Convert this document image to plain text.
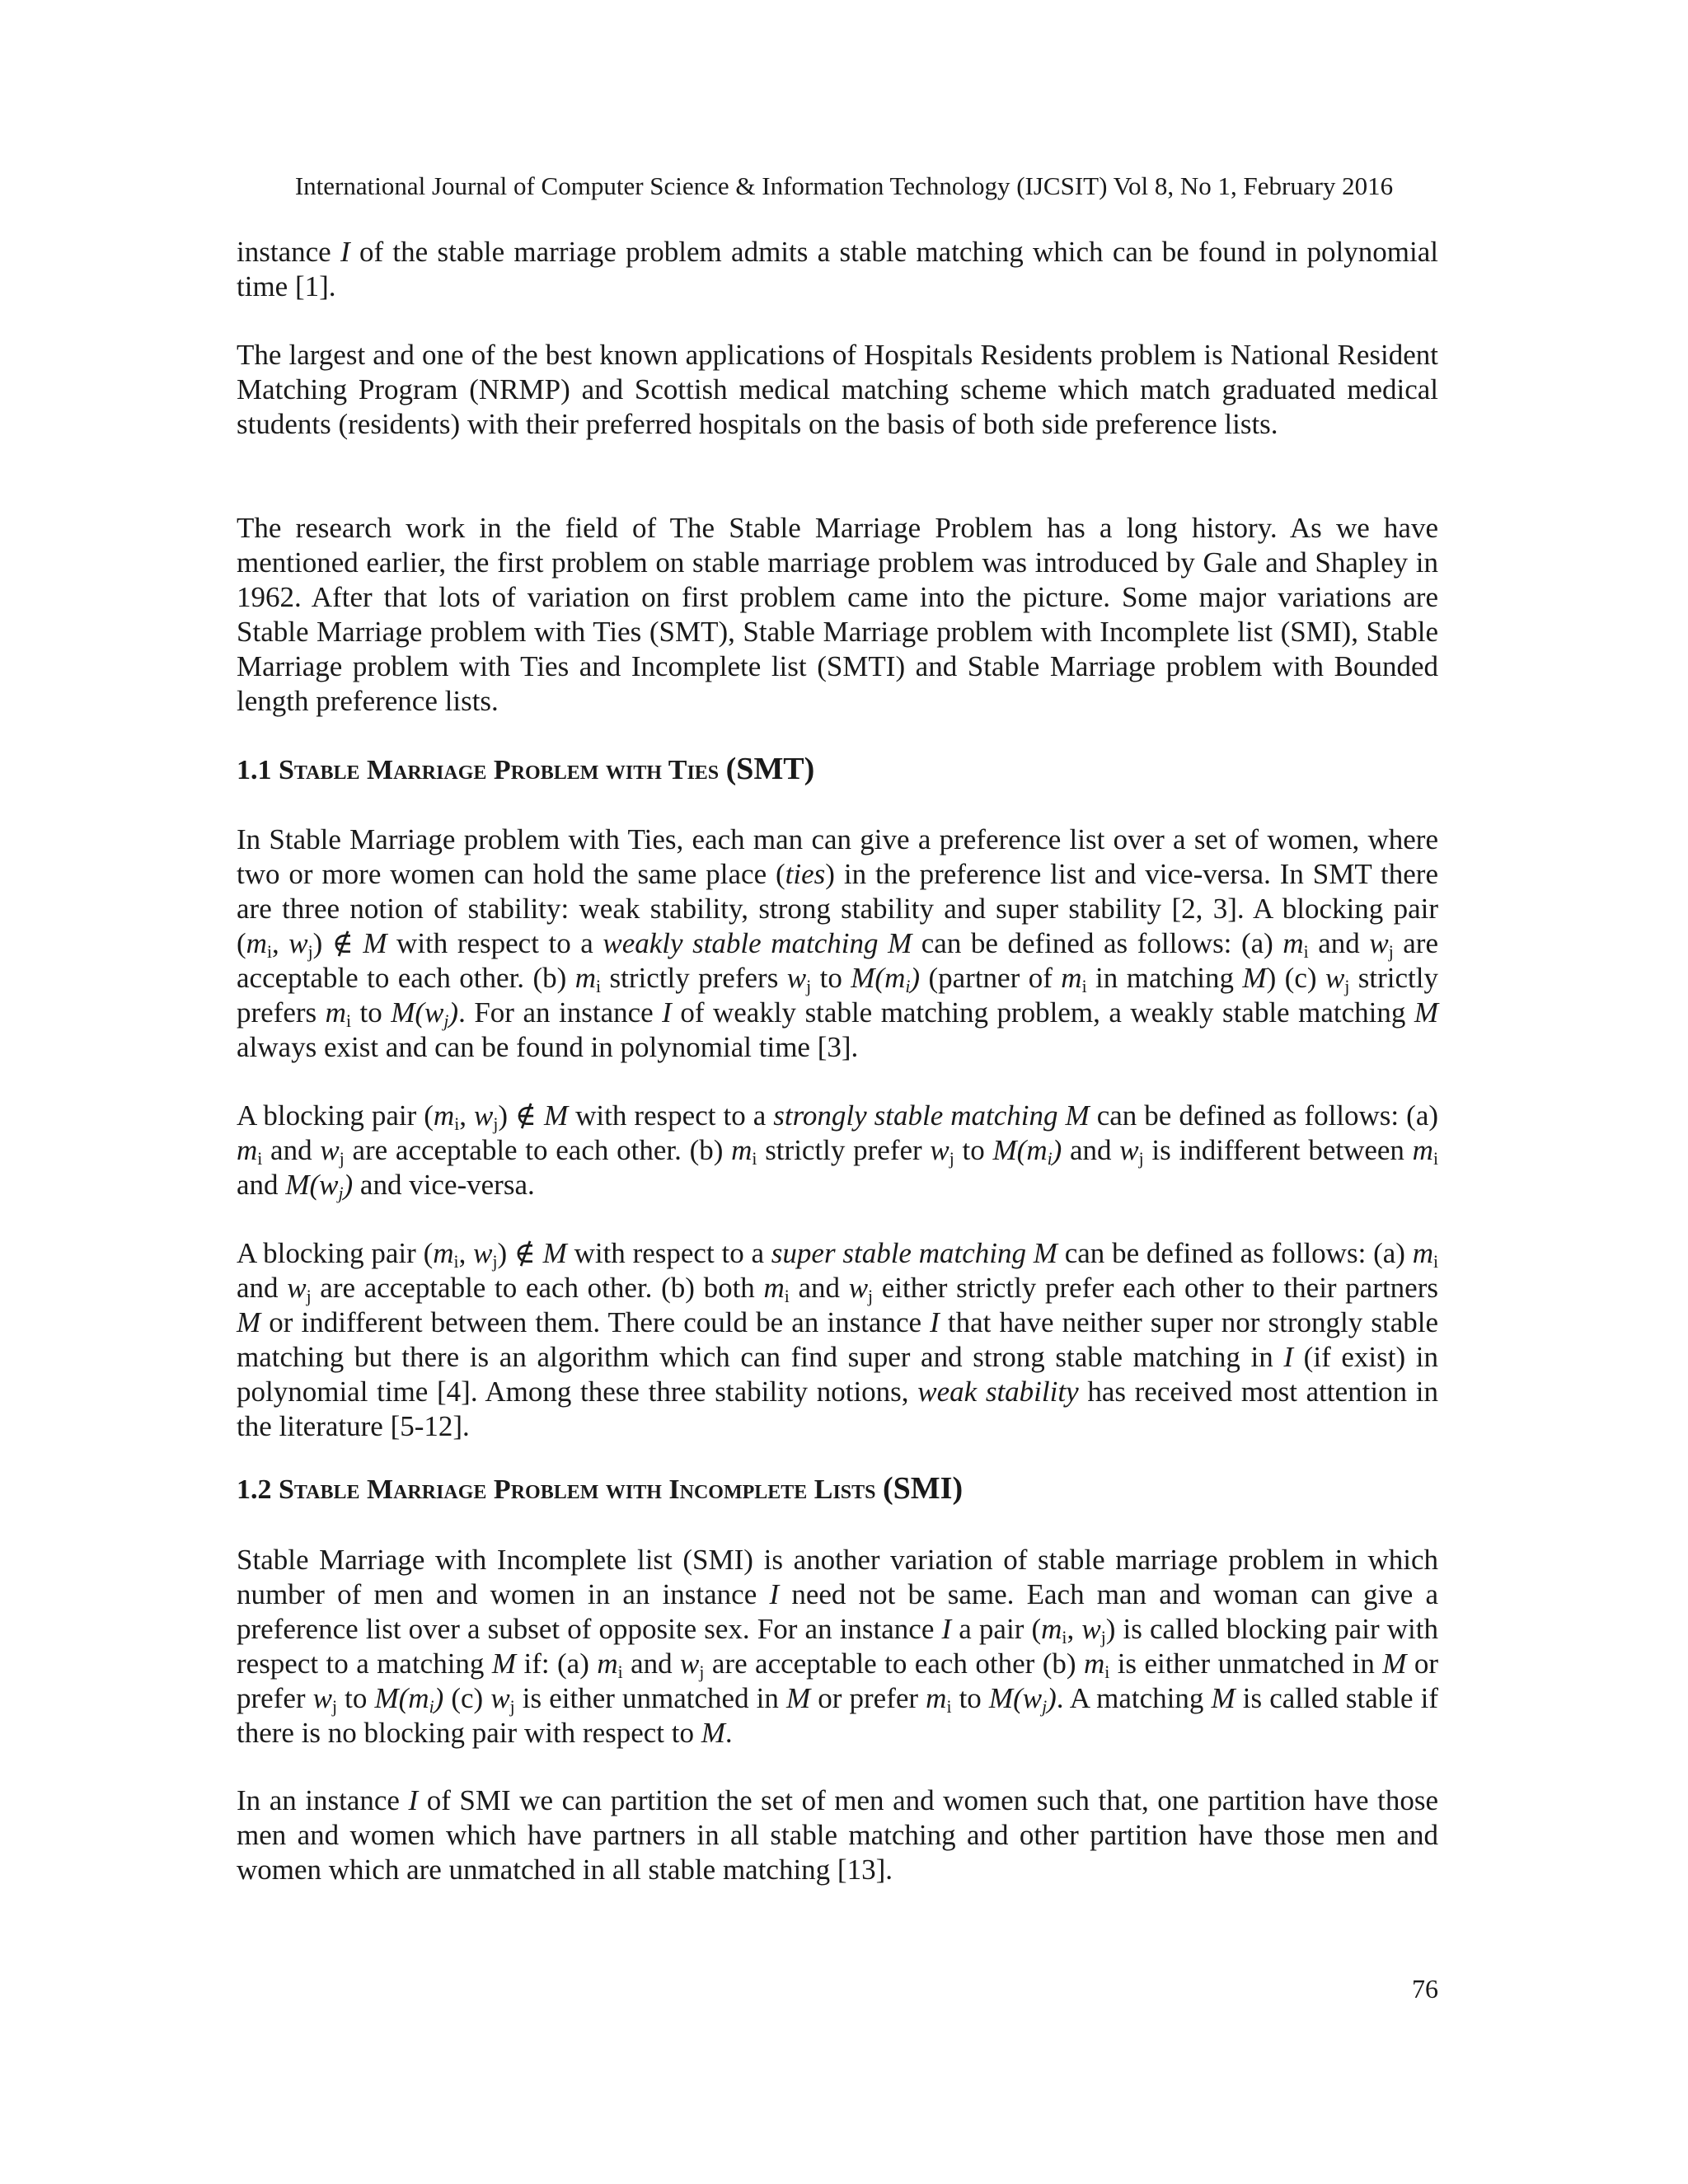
International Journal of Computer Science & Information Technology (IJCSIT) Vol 8, No 1, February 2016

instance I of the stable marriage problem admits a stable matching which can be found in polynomial time [1].

The largest and one of the best known applications of Hospitals Residents problem is National Resident Matching Program (NRMP) and Scottish medical matching scheme which match graduated medical students (residents) with their preferred hospitals on the basis of both side preference lists.

The research work in the field of The Stable Marriage Problem has a long history. As we have mentioned earlier, the first problem on stable marriage problem was introduced by Gale and Shapley in 1962. After that lots of variation on first problem came into the picture. Some major variations are Stable Marriage problem with Ties (SMT), Stable Marriage problem with Incomplete list (SMI), Stable Marriage problem with Ties and Incomplete list (SMTI) and Stable Marriage problem with Bounded length preference lists.

1.1 Stable Marriage Problem with Ties (SMT)

In Stable Marriage problem with Ties, each man can give a preference list over a set of women, where two or more women can hold the same place (ties) in the preference list and vice-versa. In SMT there are three notion of stability: weak stability, strong stability and super stability [2, 3]. A blocking pair ($m_i$, $w_j$) ∉ M with respect to a weakly stable matching M can be defined as follows: (a) $m_i$ and $w_j$ are acceptable to each other. (b) $m_i$ strictly prefers $w_j$ to $M(m_i)$ (partner of $m_i$ in matching M) (c) $w_j$ strictly prefers $m_i$ to $M(w_j)$. For an instance I of weakly stable matching problem, a weakly stable matching M always exist and can be found in polynomial time [3].

A blocking pair ($m_i$, $w_j$) ∉ M with respect to a strongly stable matching M can be defined as follows: (a) $m_i$ and $w_j$ are acceptable to each other. (b) $m_i$ strictly prefer $w_j$ to $M(m_i)$ and $w_j$ is indifferent between $m_i$ and $M(w_j)$ and vice-versa.

A blocking pair ($m_i$, $w_j$) ∉ M with respect to a super stable matching M can be defined as follows: (a) $m_i$ and $w_j$ are acceptable to each other. (b) both $m_i$ and $w_j$ either strictly prefer each other to their partners M or indifferent between them. There could be an instance I that have neither super nor strongly stable matching but there is an algorithm which can find super and strong stable matching in I (if exist) in polynomial time [4]. Among these three stability notions, weak stability has received most attention in the literature [5-12].

1.2 Stable Marriage Problem with Incomplete Lists (SMI)

Stable Marriage with Incomplete list (SMI) is another variation of stable marriage problem in which number of men and women in an instance I need not be same. Each man and woman can give a preference list over a subset of opposite sex. For an instance I a pair ($m_i$, $w_j$) is called blocking pair with respect to a matching M if: (a) $m_i$ and $w_j$ are acceptable to each other (b) $m_i$ is either unmatched in M or prefer $w_j$ to $M(m_i)$ (c) $w_j$ is either unmatched in M or prefer $m_i$ to $M(w_j)$. A matching M is called stable if there is no blocking pair with respect to M.

In an instance I of SMI we can partition the set of men and women such that, one partition have those men and women which have partners in all stable matching and other partition have those men and women which are unmatched in all stable matching [13].

76
